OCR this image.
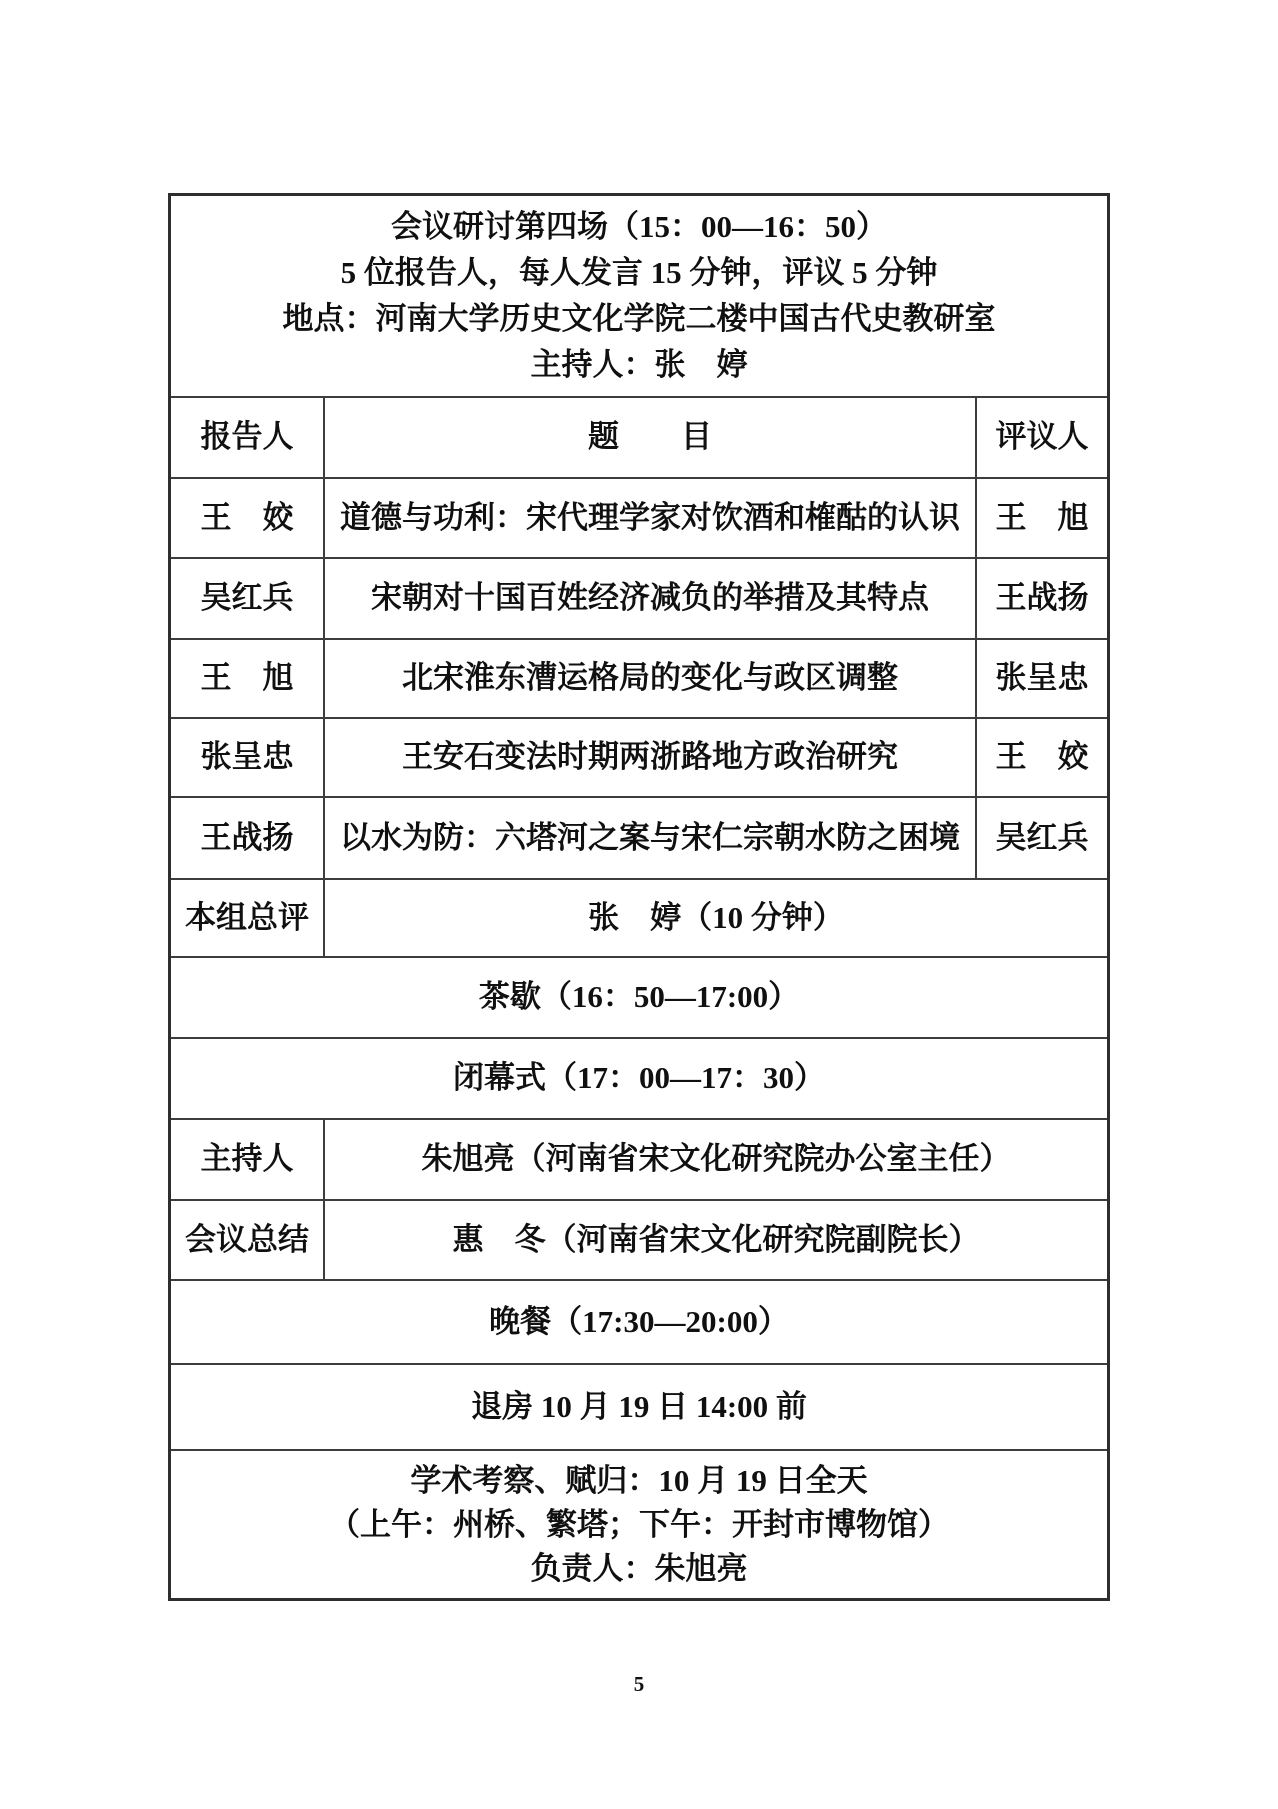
会议研讨第四场（15：00—16：50）
5 位报告人，每人发言 15 分钟，评议 5 分钟
地点：河南大学历史文化学院二楼中国古代史教研室
主持人：张　婷
报告人	题　　目	评议人
王　姣	道德与功利：宋代理学家对饮酒和榷酤的认识	王　旭
吴红兵	宋朝对十国百姓经济减负的举措及其特点	王战扬
王　旭	北宋淮东漕运格局的变化与政区调整	张呈忠
张呈忠	王安石变法时期两浙路地方政治研究	王　姣
王战扬	以水为防：六塔河之案与宋仁宗朝水防之困境	吴红兵
本组总评	张　婷（10 分钟）
茶歇（16：50—17:00）
闭幕式（17：00—17：30）
主持人	朱旭亮（河南省宋文化研究院办公室主任）
会议总结	惠　冬（河南省宋文化研究院副院长）
晚餐（17:30—20:00）
退房 10 月 19 日 14:00 前
学术考察、赋归：10 月 19 日全天
（上午：州桥、繁塔；下午：开封市博物馆）
负责人：朱旭亮
5
